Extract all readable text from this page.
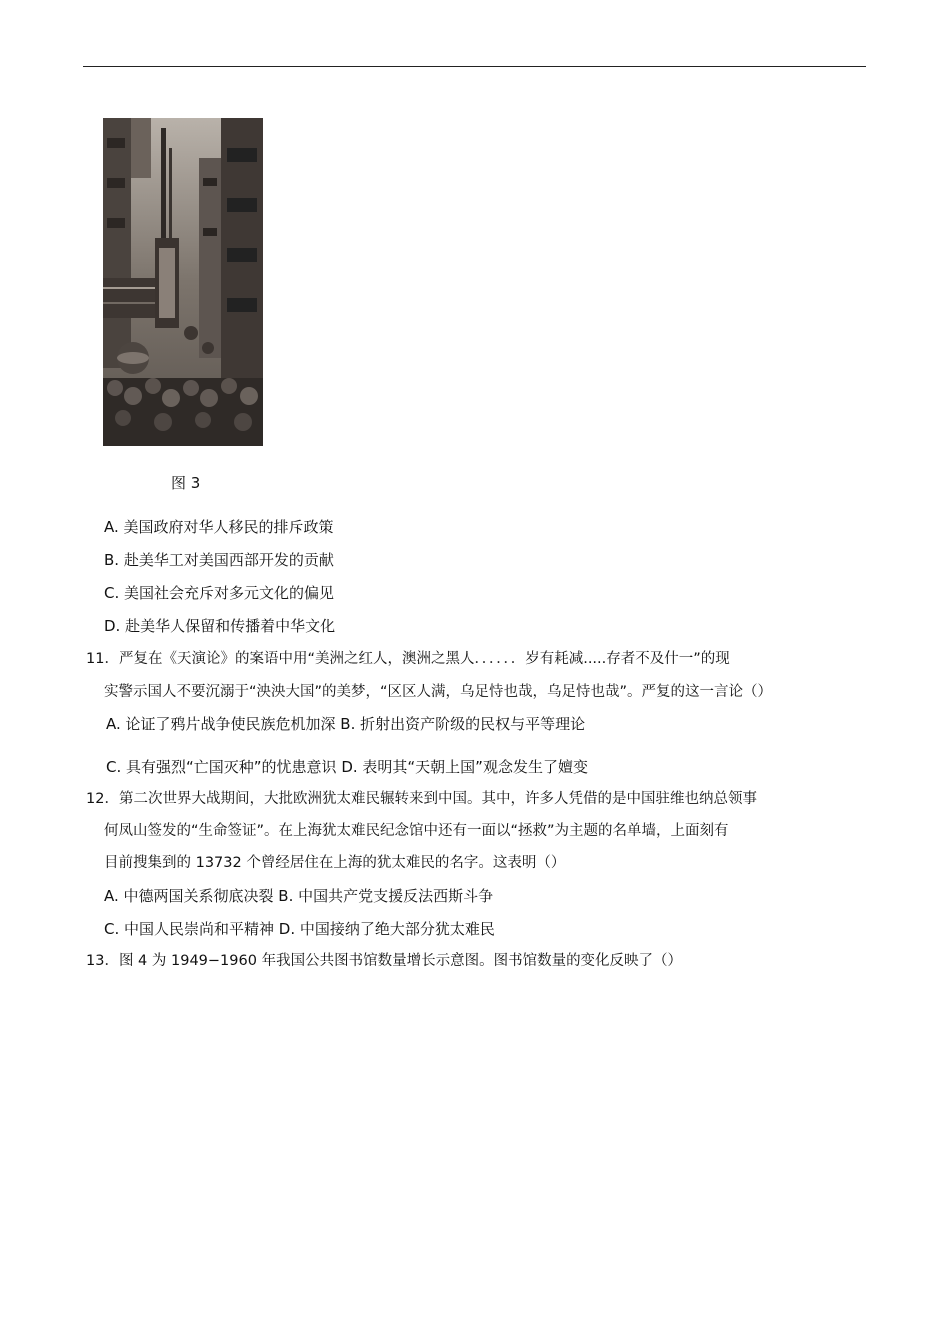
图 3
A. 美国政府对华人移民的排斥政策
B. 赴美华工对美国西部开发的贡献
C. 美国社会充斥对多元文化的偏见
D. 赴美华人保留和传播着中华文化
11．严复在《天演论》的案语中用“美洲之红人，澳洲之黑人．．．．．．岁有耗减.....存者不及什一”的现
实警示国人不要沉溺于“泱泱大国”的美梦，“区区人满，乌足恃也哉，乌足恃也哉”。严复的这一言论（）
A. 论证了鸦片战争使民族危机加深 B. 折射出资产阶级的民权与平等理论
C. 具有强烈“亡国灭种”的忧患意识 D. 表明其“天朝上国”观念发生了嬗变
12．第二次世界大战期间，大批欧洲犹太难民辗转来到中国。其中，许多人凭借的是中国驻维也纳总领事
何凤山签发的“生命签证”。在上海犹太难民纪念馆中还有一面以“拯救”为主题的名单墙，上面刻有
目前搜集到的 13732 个曾经居住在上海的犹太难民的名字。这表明（）
A. 中德两国关系彻底决裂 B. 中国共产党支援反法西斯斗争
C. 中国人民崇尚和平精神 D. 中国接纳了绝大部分犹太难民
13．图 4 为 1949−1960 年我国公共图书馆数量增长示意图。图书馆数量的变化反映了（）
